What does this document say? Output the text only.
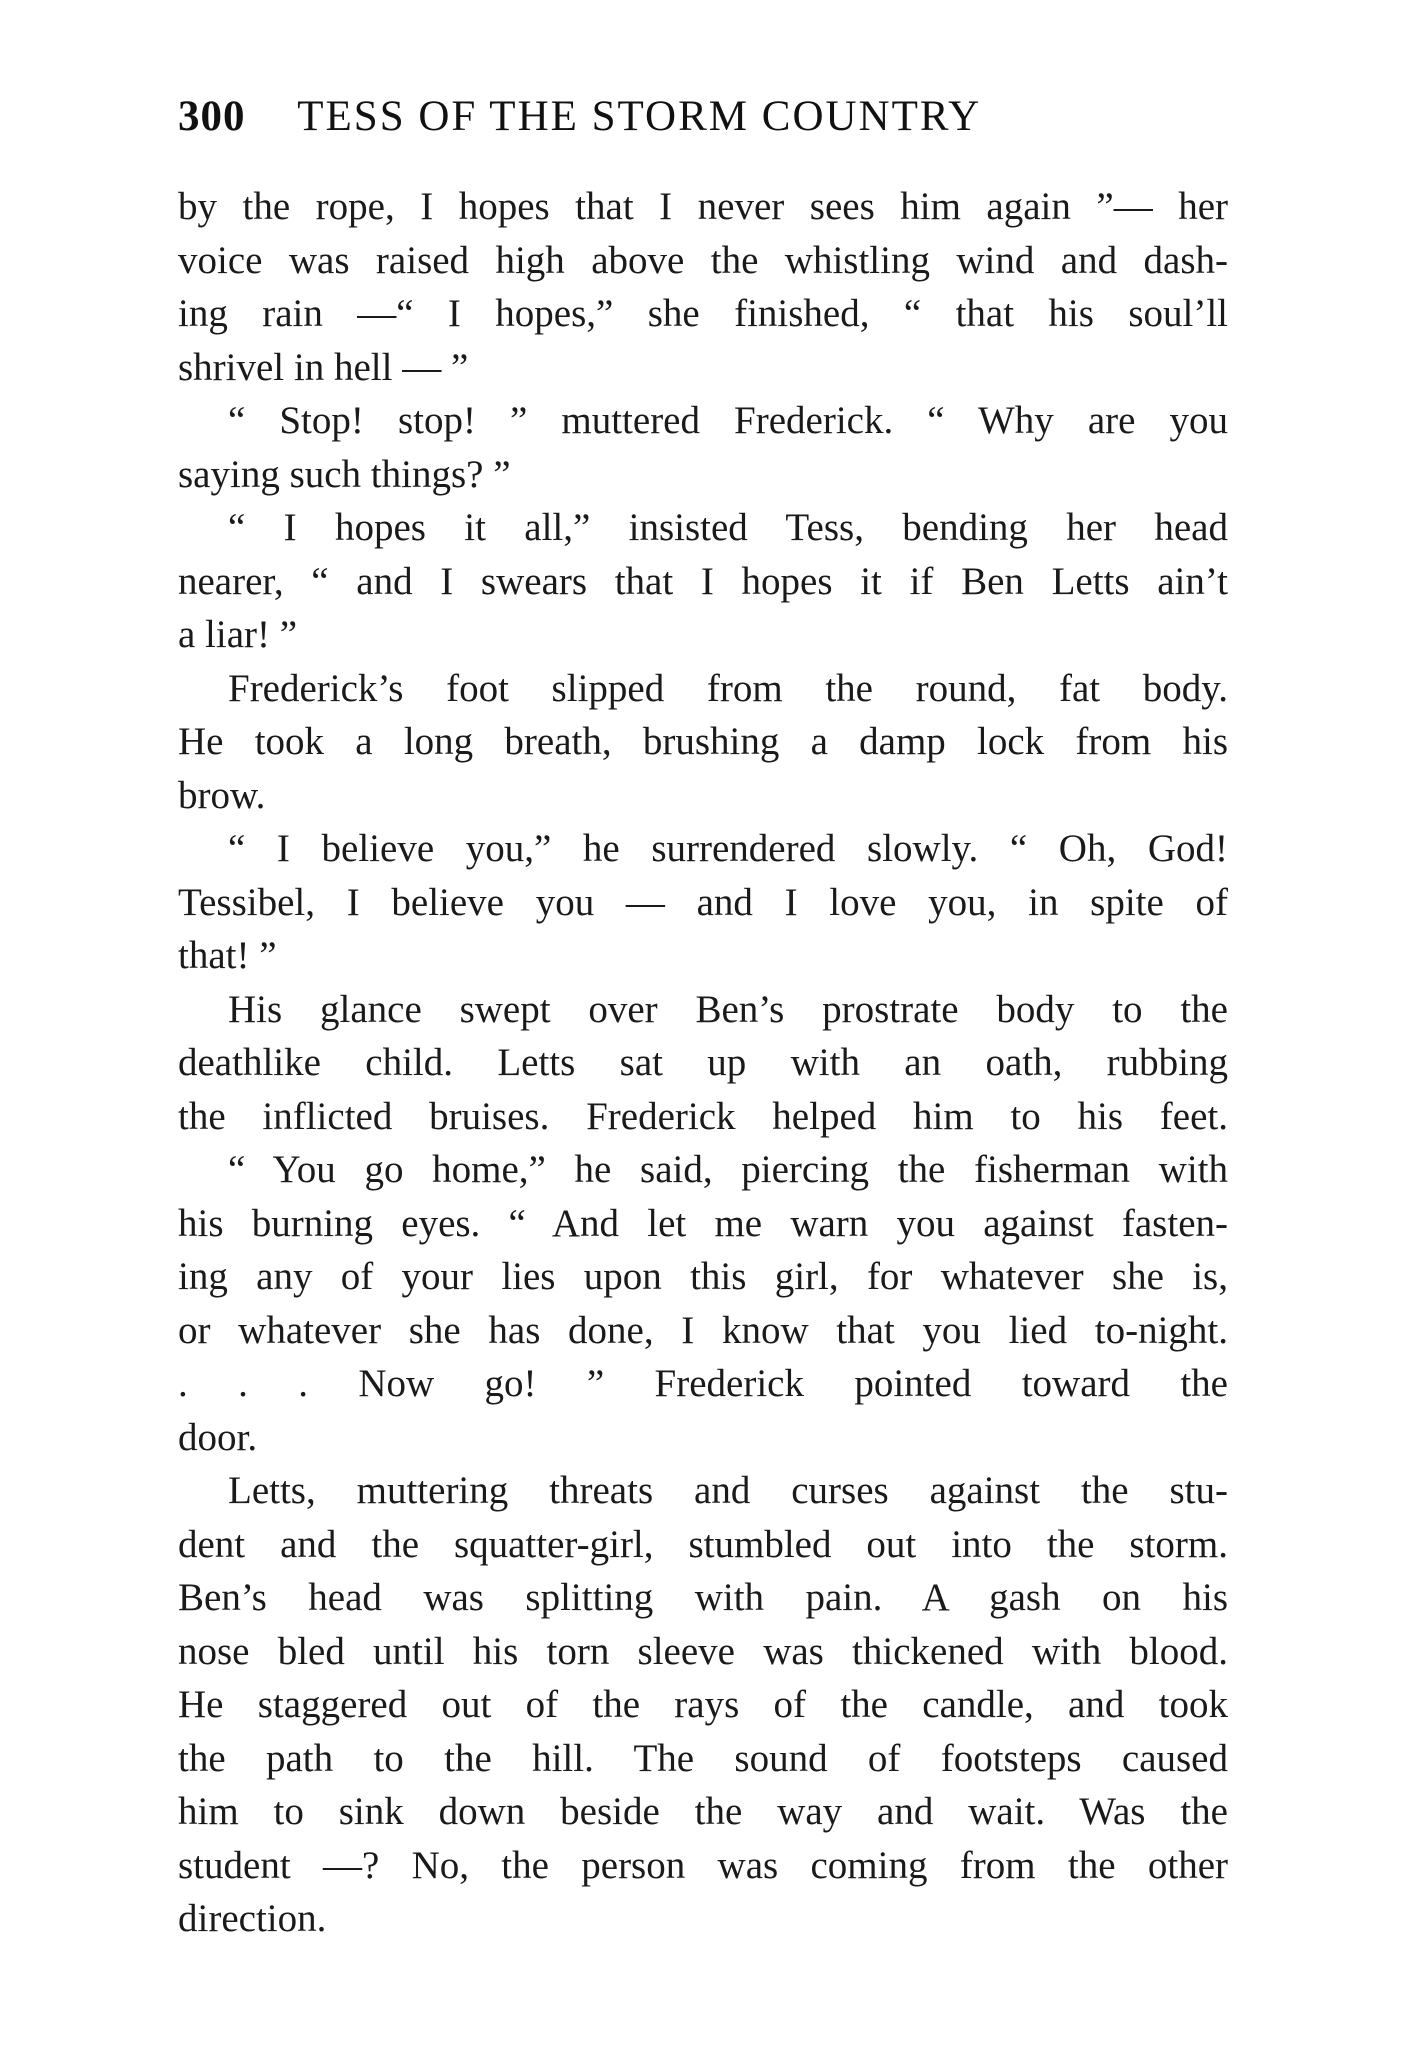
300 TESS OF THE STORM COUNTRY
by the rope, I hopes that I never sees him again ”— her
voice was raised high above the whistling wind and dash-
ing rain —“ I hopes,” she finished, “ that his soul’ll
shrivel in hell — ”
“ Stop! stop! ” muttered Frederick. “ Why are you
saying such things? ”
“ I hopes it all,” insisted Tess, bending her head
nearer, “ and I swears that I hopes it if Ben Letts ain’t
a liar! ”
Frederick’s foot slipped from the round, fat body.
He took a long breath, brushing a damp lock from his
brow.
“ I believe you,” he surrendered slowly. “ Oh, God!
Tessibel, I believe you — and I love you, in spite of
that! ”
His glance swept over Ben’s prostrate body to the
deathlike child. Letts sat up with an oath, rubbing
the inflicted bruises. Frederick helped him to his feet.
“ You go home,” he said, piercing the fisherman with
his burning eyes. “ And let me warn you against fasten-
ing any of your lies upon this girl, for whatever she is,
or whatever she has done, I know that you lied to-night.
. . . Now go! ” Frederick pointed toward the
door.
Letts, muttering threats and curses against the stu-
dent and the squatter-girl, stumbled out into the storm.
Ben’s head was splitting with pain. A gash on his
nose bled until his torn sleeve was thickened with blood.
He staggered out of the rays of the candle, and took
the path to the hill. The sound of footsteps caused
him to sink down beside the way and wait. Was the
student —? No, the person was coming from the other
direction.
